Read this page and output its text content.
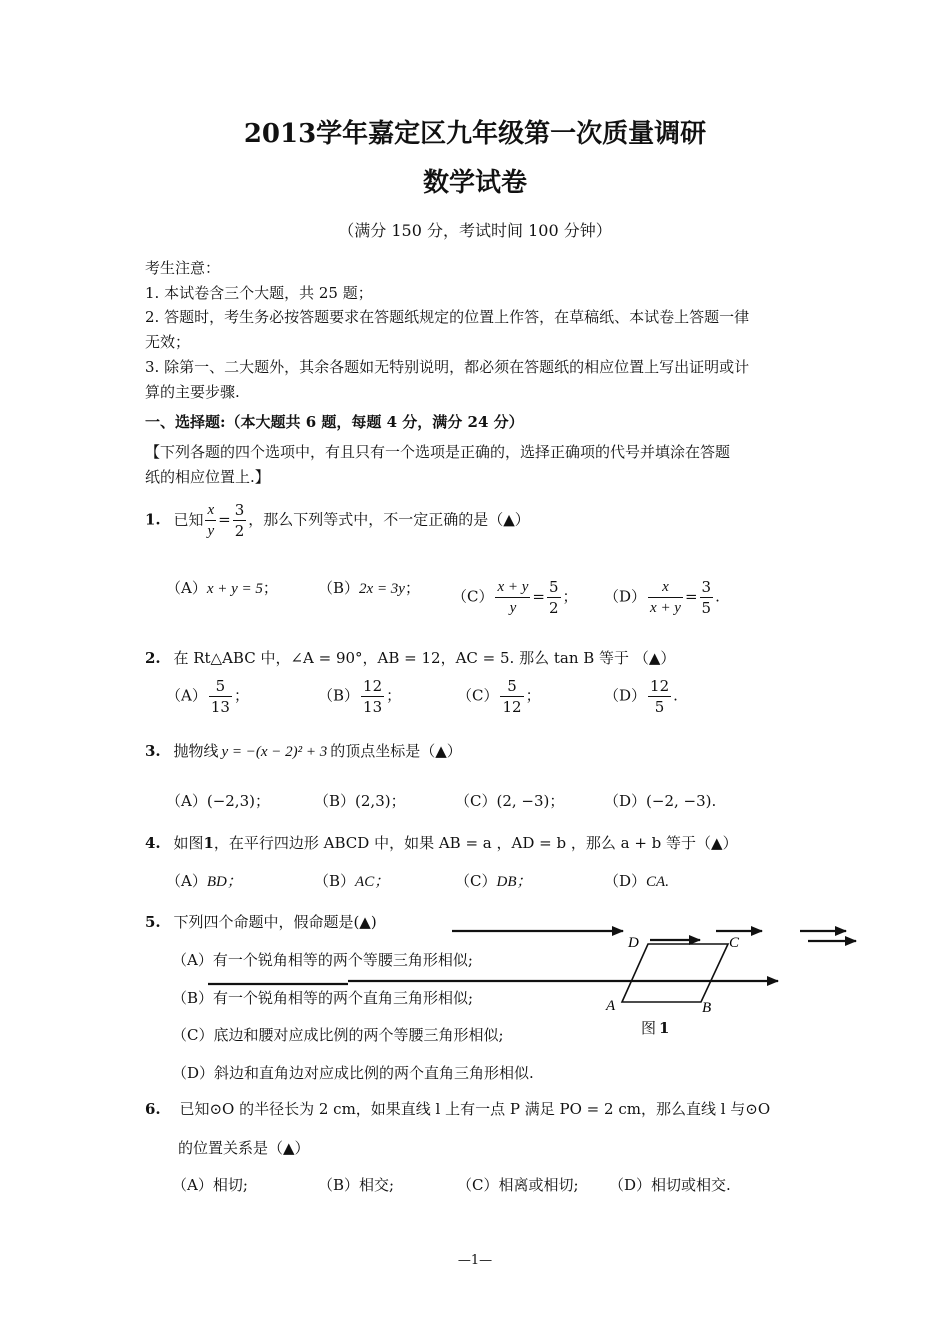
2013学年嘉定区九年级第一次质量调研
数学试卷
（满分 150 分，考试时间 100 分钟）
考生注意：
1. 本试卷含三个大题，共 25 题；
2. 答题时，考生务必按答题要求在答题纸规定的位置上作答，在草稿纸、本试卷上答题一律
无效；
3. 除第一、二大题外，其余各题如无特别说明，都必须在答题纸的相应位置上写出证明或计
算的主要步骤.
一、选择题:（本大题共 6 题，每题 4 分，满分 24 分）
【下列各题的四个选项中，有且只有一个选项是正确的，选择正确项的代号并填涂在答题
纸的相应位置上.】
1. 已知 $\frac{x}{y} = \frac{3}{2}$ ，那么下列等式中，不一定正确的是（▲）
（A）x + y = 5；	（B）2x = 3y； $(C) \frac{x + y}{y} = \frac{5}{2}$ ； $(D) \frac{x}{x + y} = \frac{3}{5}$ .
2. 在 Rt△ABC 中，∠A = 90°，AB = 12，AC = 5. 那么 tan B 等于 （▲）
$(A) \frac{5}{13}$ ；	$(B) \frac{12}{13}$ ；	$(C) \frac{5}{12}$ ；	$(D) \frac{12}{5}$ .
3. 抛物线 y = −(x − 2)² + 3 的顶点坐标是（▲）
（A）(−2,3)；	（B）(2,3)；	（C）(2, −3)；	（D）(−2, −3).
4. 如图1，在平行四边形 ABCD 中，如果 AB = a ，AD = b ，那么 a + b 等于（▲）
（A）BD；	（B）AC；	（C）DB；	（D）CA.
A	B
C
D
图 1
5. 下列四个命题中，假命题是(▲)
（A）有一个锐角相等的两个等腰三角形相似;
（B）有一个锐角相等的两个直角三角形相似;
（C）底边和腰对应成比例的两个等腰三角形相似;
（D）斜边和直角边对应成比例的两个直角三角形相似.
6. 已知⊙O 的半径长为 2 cm，如果直线 l 上有一点 P 满足 PO = 2 cm，那么直线 l 与⊙O
的位置关系是（▲）
（A）相切;	（B）相交;	（C）相离或相切; （D）相切或相交.
—1—
